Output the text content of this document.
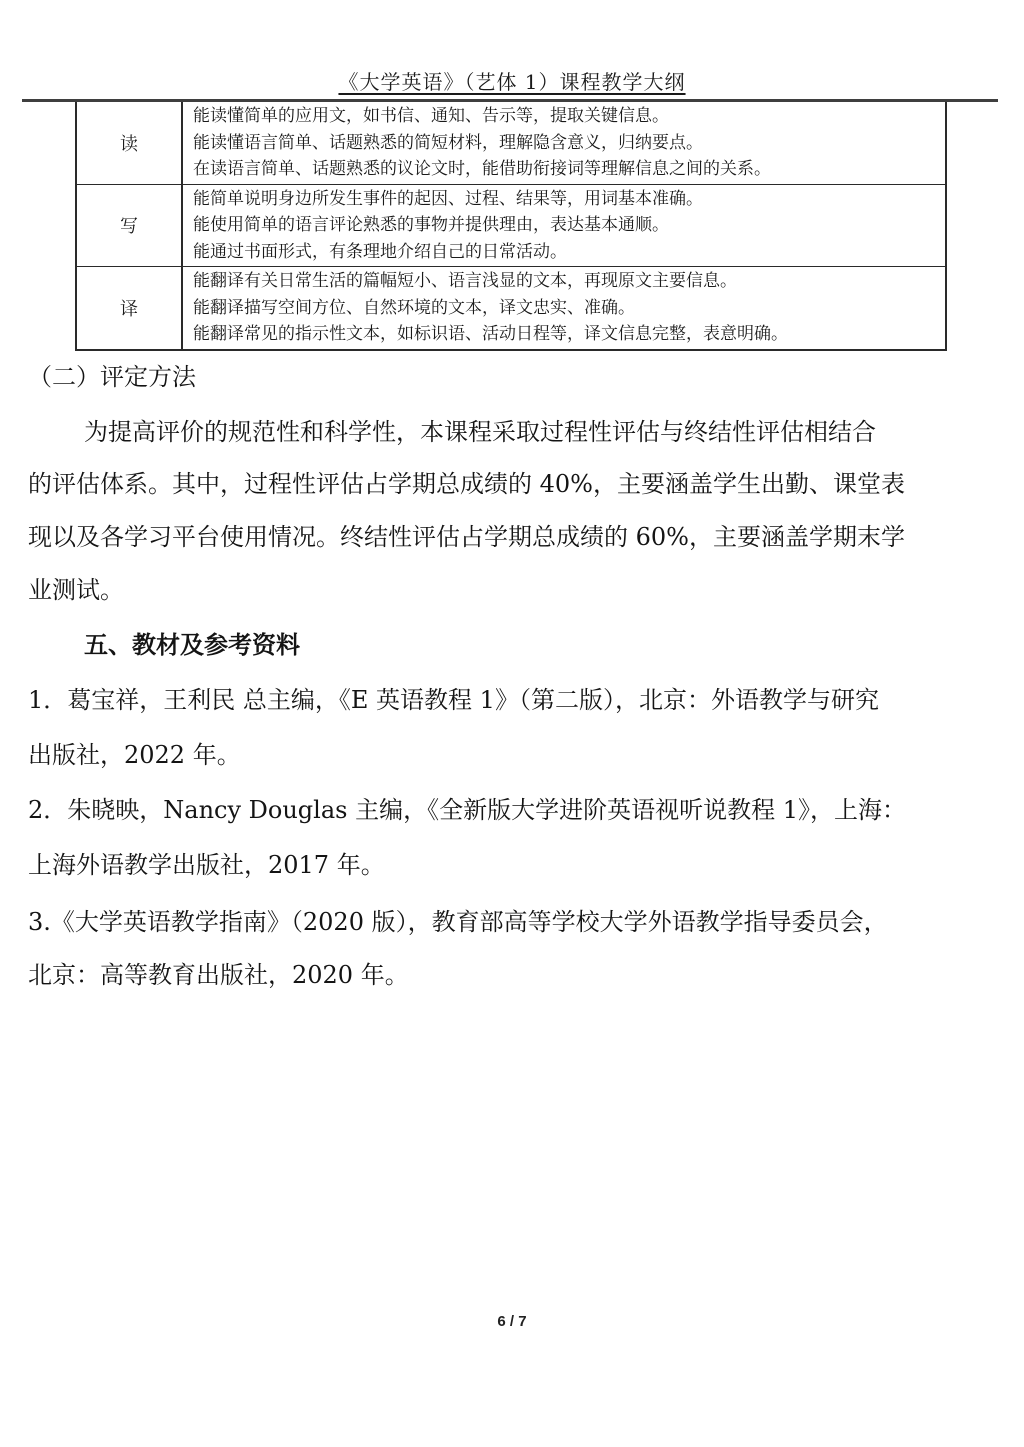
《大学英语》（艺体 1）课程教学大纲
读
能读懂简单的应用文，如书信、通知、告示等，提取关键信息。
能读懂语言简单、话题熟悉的简短材料，理解隐含意义，归纳要点。
在读语言简单、话题熟悉的议论文时，能借助衔接词等理解信息之间的关系。
写
能简单说明身边所发生事件的起因、过程、结果等，用词基本准确。
能使用简单的语言评论熟悉的事物并提供理由，表达基本通顺。
能通过书面形式，有条理地介绍自己的日常活动。
译
能翻译有关日常生活的篇幅短小、语言浅显的文本，再现原文主要信息。
能翻译描写空间方位、自然环境的文本，译文忠实、准确。
能翻译常见的指示性文本，如标识语、活动日程等，译文信息完整，表意明确。
（二）评定方法
为提高评价的规范性和科学性，本课程采取过程性评估与终结性评估相结合
的评估体系。其中，过程性评估占学期总成绩的 40%，主要涵盖学生出勤、课堂表
现以及各学习平台使用情况。终结性评估占学期总成绩的 60%，主要涵盖学期末学
业测试。
五、教材及参考资料
1．葛宝祥，王利民 总主编，《E 英语教程 1》（第二版），北京：外语教学与研究
出版社，2022 年。
2．朱晓映，Nancy Douglas 主编，《全新版大学进阶英语视听说教程 1》，上海：
上海外语教学出版社，2017 年。
3.《大学英语教学指南》（2020 版），教育部高等学校大学外语教学指导委员会，
北京：高等教育出版社，2020 年。
6 / 7
